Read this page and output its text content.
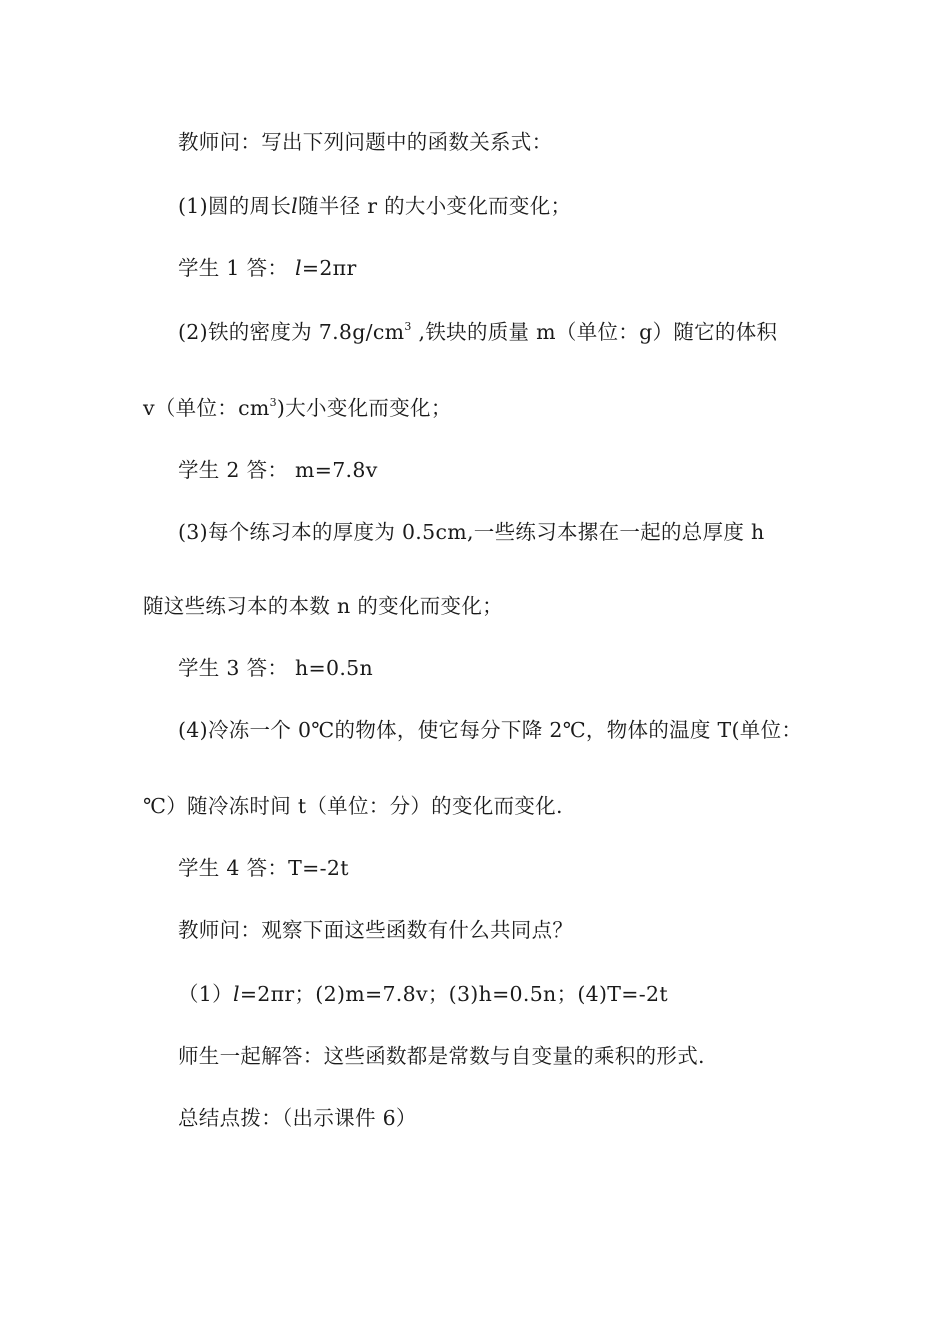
教师问：写出下列问题中的函数关系式：
(1)圆的周长l随半径 r 的大小变化而变化；
学生 1 答： l=2πr
(2)铁的密度为 $7.8g/cm^3$ ,铁块的质量 m（单位：g）随它的体积
v（单位：$cm^3$)大小变化而变化；
学生 2 答： m=7.8v
(3)每个练习本的厚度为 0.5cm,一些练习本摞在一起的总厚度 h
随这些练习本的本数 n 的变化而变化；
学生 3 答： h=0.5n
(4)冷冻一个 0℃的物体，使它每分下降 2℃，物体的温度 T(单位：
℃）随冷冻时间 t（单位：分）的变化而变化.
学生 4 答：T=-2t
教师问：观察下面这些函数有什么共同点？
（1）l=2πr；(2)m=7.8v；(3)h=0.5n；(4)T=-2t
师生一起解答：这些函数都是常数与自变量的乘积的形式.
总结点拨：（出示课件 6）
